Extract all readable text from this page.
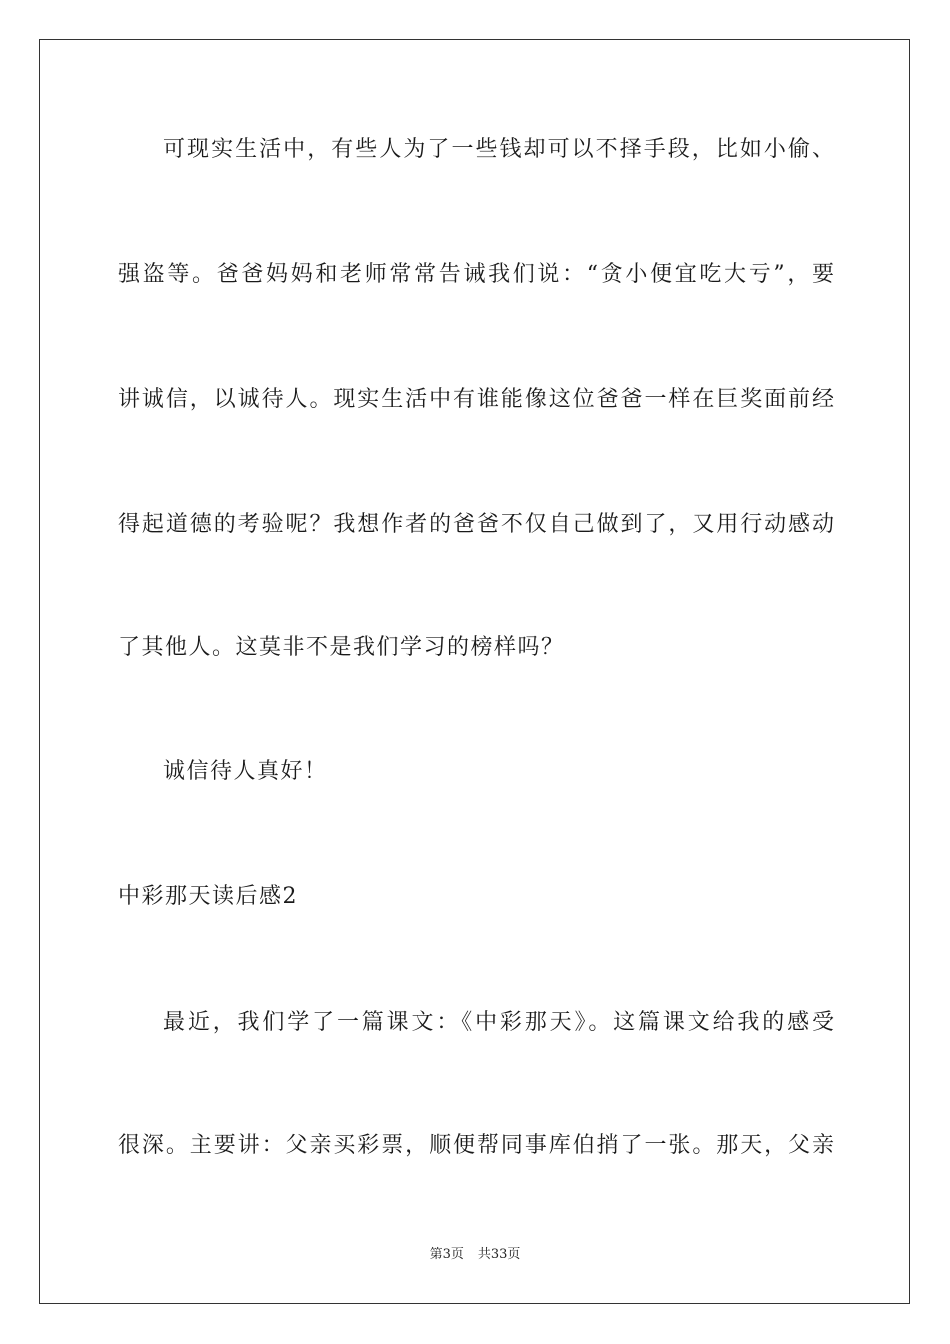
可现实生活中，有些人为了一些钱却可以不择手段，比如小偷、
强盗等。爸爸妈妈和老师常常告诫我们说：“贪小便宜吃大亏”，要
讲诚信，以诚待人。现实生活中有谁能像这位爸爸一样在巨奖面前经
得起道德的考验呢？我想作者的爸爸不仅自己做到了，又用行动感动
了其他人。这莫非不是我们学习的榜样吗？
诚信待人真好！
中彩那天读后感2
最近，我们学了一篇课文：《中彩那天》。这篇课文给我的感受
很深。主要讲：父亲买彩票，顺便帮同事库伯捎了一张。那天，父亲
第3页 共33页
